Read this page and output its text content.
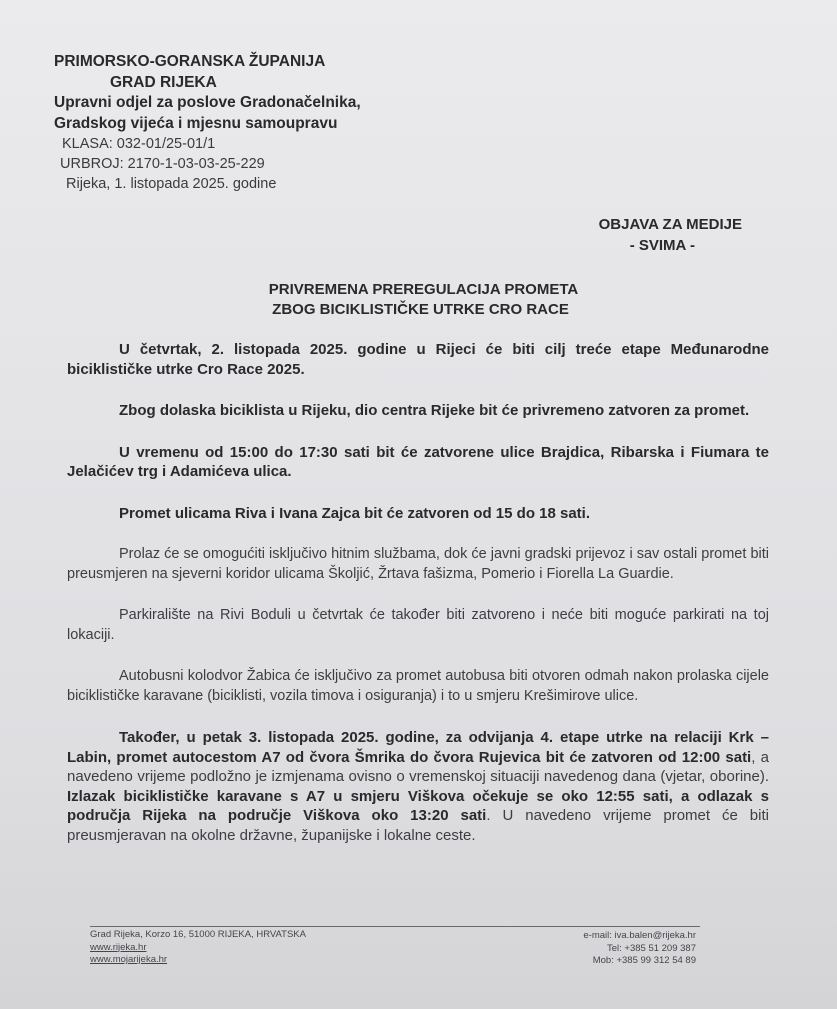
PRIMORSKO-GORANSKA ŽUPANIJA
GRAD RIJEKA
Upravni odjel za poslove Gradonačelnika,
Gradskog vijeća i mjesnu samoupravu
KLASA: 032-01/25-01/1
URBROJ: 2170-1-03-03-25-229
Rijeka, 1. listopada 2025. godine
OBJAVA ZA MEDIJE
- SVIMA -
PRIVREMENA PREREGULACIJA PROMETA
ZBOG BICIKLISTIČKE UTRKE CRO RACE

U četvrtak, 2. listopada 2025. godine u Rijeci će biti cilj treće etape Međunarodne biciklističke utrke Cro Race 2025.

Zbog dolaska biciklista u Rijeku, dio centra Rijeke bit će privremeno zatvoren za promet.

U vremenu od 15:00 do 17:30 sati bit će zatvorene ulice Brajdica, Ribarska i Fiumara te Jelačićev trg i Adamićeva ulica.

Promet ulicama Riva i Ivana Zajca bit će zatvoren od 15 do 18 sati.

Prolaz će se omogućiti isključivo hitnim službama, dok će javni gradski prijevoz i sav ostali promet biti preusmjeren na sjeverni koridor ulicama Školjić, Žrtava fašizma, Pomerio i Fiorella La Guardie.

Parkiralište na Rivi Boduli u četvrtak će također biti zatvoreno i neće biti moguće parkirati na toj lokaciji.

Autobusni kolodvor Žabica će isključivo za promet autobusa biti otvoren odmah nakon prolaska cijele biciklističke karavane (biciklisti, vozila timova i osiguranja) i to u smjeru Krešimirove ulice.

Također, u petak 3. listopada 2025. godine, za odvijanja 4. etape utrke na relaciji Krk – Labin, promet autocestom A7 od čvora Šmrika do čvora Rujevica bit će zatvoren od 12:00 sati, a navedeno vrijeme podložno je izmjenama ovisno o vremenskoj situaciji navedenog dana (vjetar, oborine). Izlazak biciklističke karavane s A7 u smjeru Viškova očekuje se oko 12:55 sati, a odlazak s područja Rijeka na područje Viškova oko 13:20 sati. U navedeno vrijeme promet će biti preusmjeravan na okolne državne, županijske i lokalne ceste.

Grad Rijeka, Korzo 16, 51000 RIJEKA, HRVATSKA
www.rijeka.hr
www.mojarijeka.hr
e-mail: iva.balen@rijeka.hr
Tel: +385 51 209 387
Mob: +385 99 312 54 89
